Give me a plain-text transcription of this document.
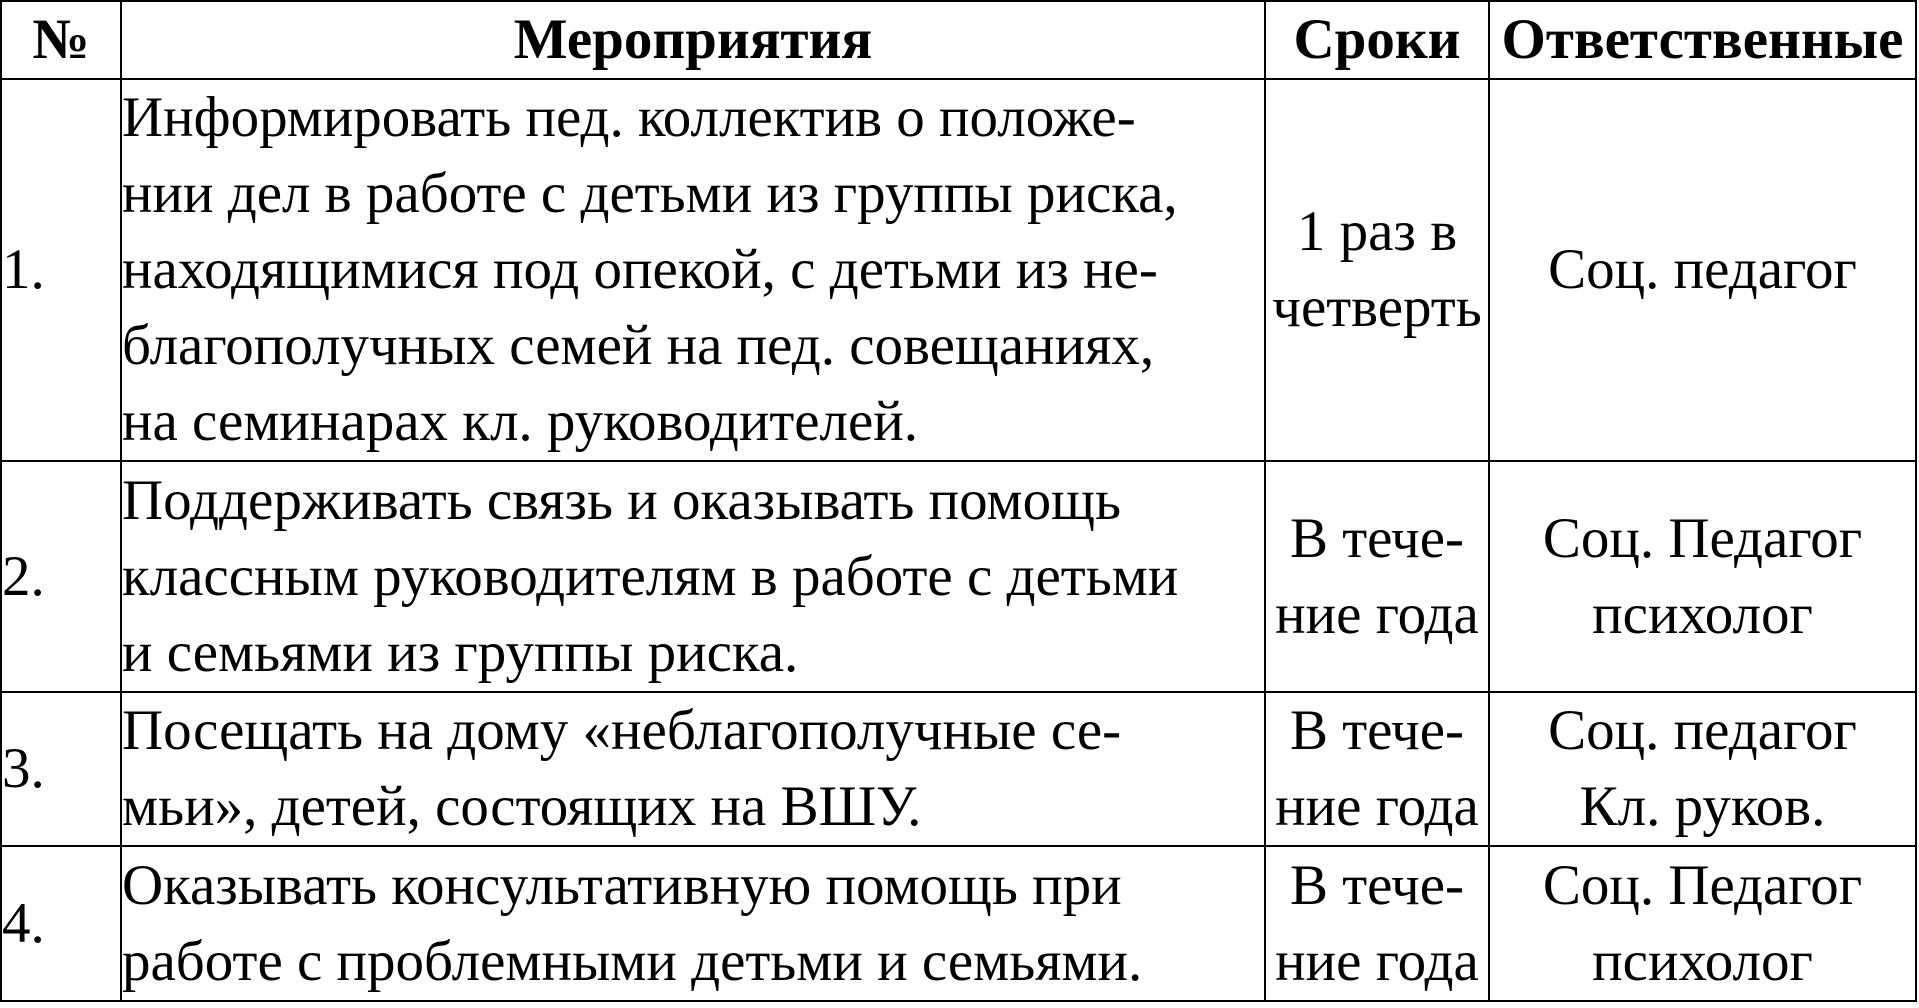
№	Мероприятия	Сроки	Ответственные
1.	Информировать пед. коллектив о положе-
нии дел в работе с детьми из группы риска,
находящимися под опекой, с детьми из не-
благополучных семей на пед. совещаниях,
на семинарах кл. руководителей.	1 раз в
четверть	Соц. педагог

2.	Поддерживать связь и оказывать помощь
классным руководителям в работе с детьми
и семьями из группы риска.	В тече-
ние года	Соц. Педагог
психолог

3.	Посещать на дому «неблагополучные се-
мьи», детей, состоящих на ВШУ.	В тече-
ние года	Соц. педагог
Кл. руков.

4.	Оказывать консультативную помощь при
работе с проблемными детьми и семьями.	В тече-
ние года	Соц. Педагог
психолог
